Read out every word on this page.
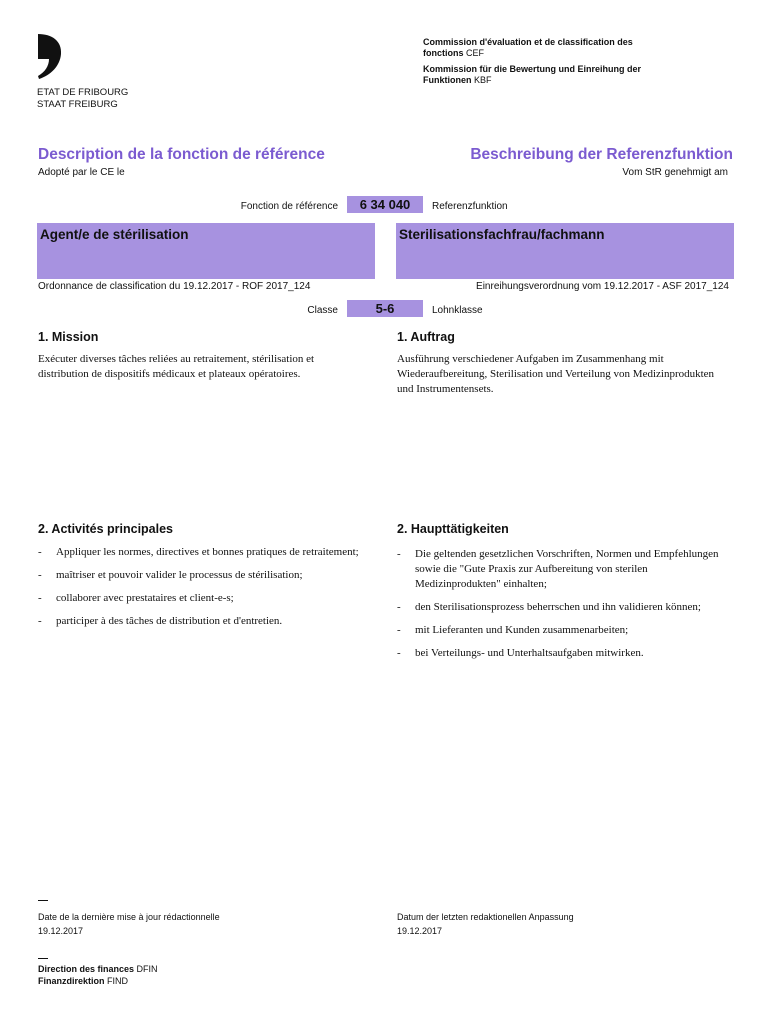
ETAT DE FRIBOURG
STAAT FREIBURG
Commission d'évaluation et de classification des fonctions CEF
Kommission für die Bewertung und Einreihung der Funktionen KBF
Description de la fonction de référence	Beschreibung der Referenzfunktion
Adopté par le CE le	Vom StR genehmigt am
Fonction de référence	6 34 040	Referenzfunktion
Agent/e de stérilisation	Sterilisationsfachfrau/fachmann
Ordonnance de classification du 19.12.2017 - ROF 2017_124	Einreihungsverordnung vom 19.12.2017 - ASF 2017_124
Classe	5-6	Lohnklasse
1. Mission	1. Auftrag
Exécuter diverses tâches reliées au retraitement, stérilisation et distribution de dispositifs médicaux et plateaux opératoires.
Ausführung verschiedener Aufgaben im Zusammenhang mit Wiederaufbereitung, Sterilisation und Verteilung von Medizinprodukten und Instrumentensets.
2. Activités principales	2. Haupttätigkeiten
- Appliquer les normes, directives et bonnes pratiques de retraitement;
- maîtriser et pouvoir valider le processus de stérilisation;
- collaborer avec prestataires et client-e-s;
- participer à des tâches de distribution et d'entretien.
- Die geltenden gesetzlichen Vorschriften, Normen und Empfehlungen sowie die "Gute Praxis zur Aufbereitung von sterilen Medizinprodukten" einhalten;
- den Sterilisationsprozess beherrschen und ihn validieren können;
- mit Lieferanten und Kunden zusammenarbeiten;
- bei Verteilungs- und Unterhaltsaufgaben mitwirken.
Date de la dernière mise à jour rédactionnelle
19.12.2017
Datum der letzten redaktionellen Anpassung
19.12.2017
Direction des finances DFIN
Finanzdirektion FIND
